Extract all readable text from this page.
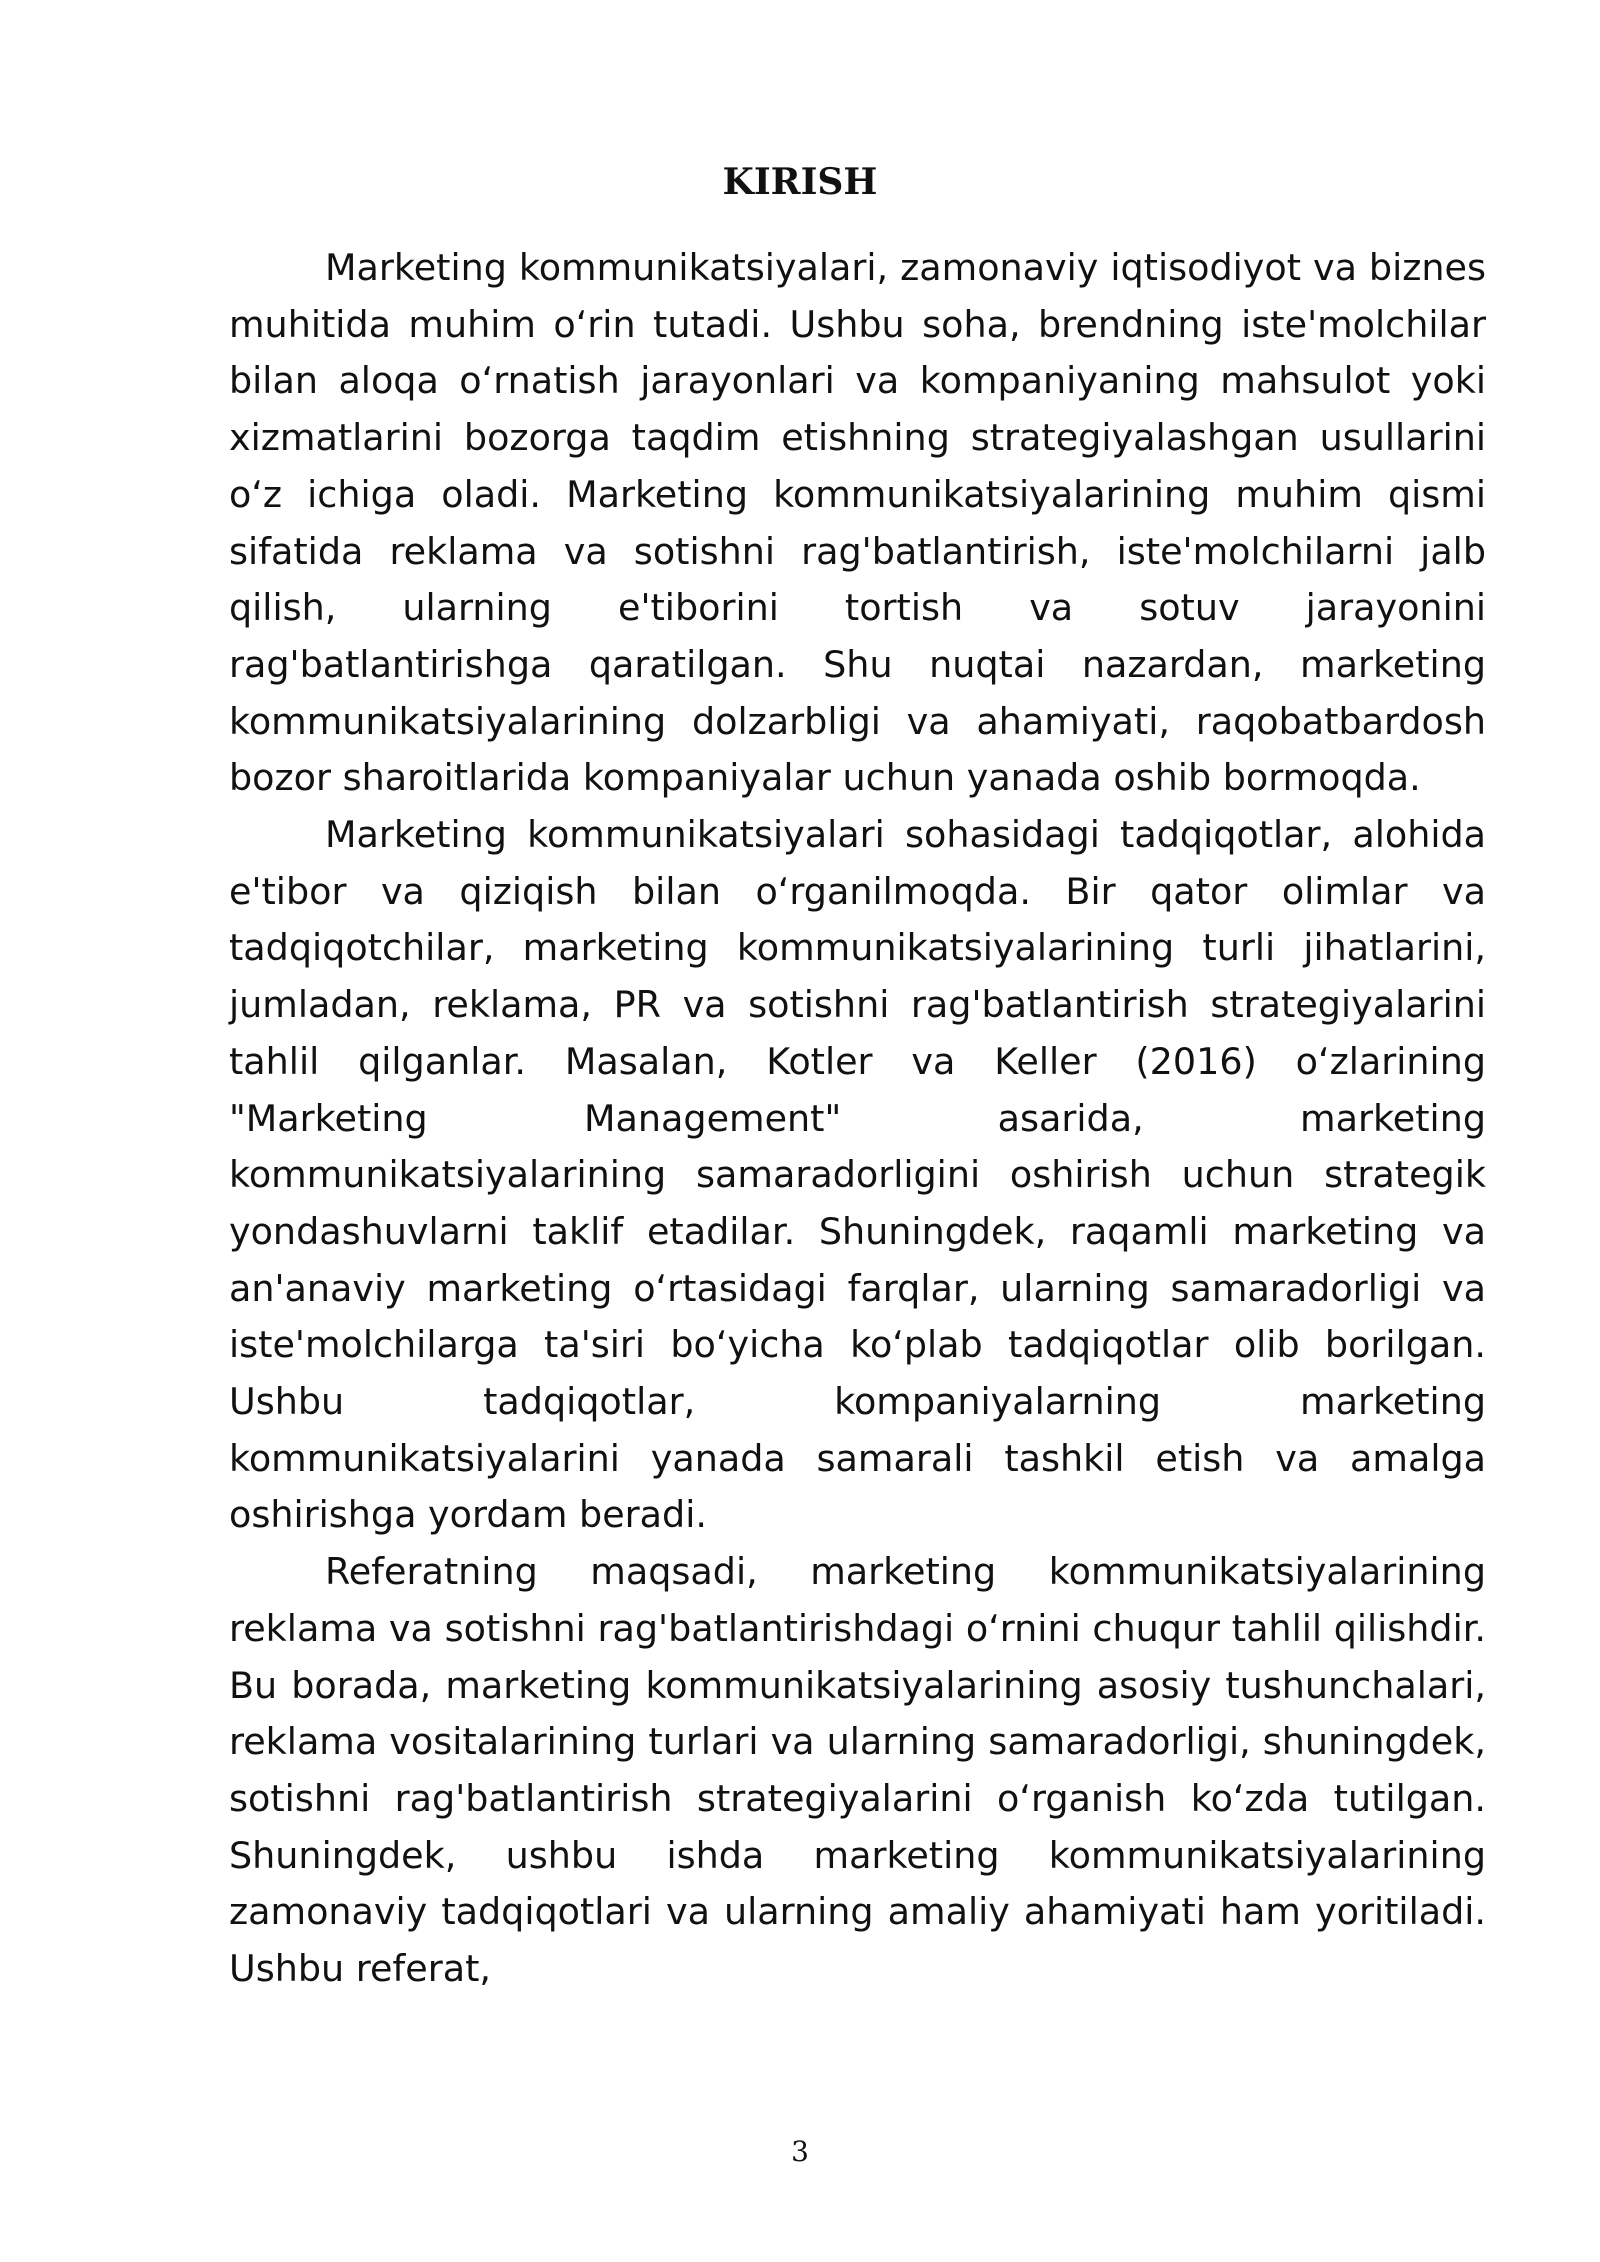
KIRISH

Marketing kommunikatsiyalari, zamonaviy iqtisodiyot va biznes muhitida muhim o‘rin tutadi. Ushbu soha, brendning iste'molchilar bilan aloqa o‘rnatish jarayonlari va kompaniyaning mahsulot yoki xizmatlarini bozorga taqdim etishning strategiyalashgan usullarini o‘z ichiga oladi. Marketing kommunikatsiyalarining muhim qismi sifatida reklama va sotishni rag'batlantirish, iste'molchilarni jalb qilish, ularning e'tiborini tortish va sotuv jarayonini rag'batlantirishga qaratilgan. Shu nuqtai nazardan, marketing kommunikatsiyalarining dolzarbligi va ahamiyati, raqobatbardosh bozor sharoitlarida kompaniyalar uchun yanada oshib bormoqda.

Marketing kommunikatsiyalari sohasidagi tadqiqotlar, alohida e'tibor va qiziqish bilan o‘rganilmoqda. Bir qator olimlar va tadqiqotchilar, marketing kommunikatsiyalarining turli jihatlarini, jumladan, reklama, PR va sotishni rag'batlantirish strategiyalarini tahlil qilganlar. Masalan, Kotler va Keller (2016) o‘zlarining "Marketing Management" asarida, marketing kommunikatsiyalarining samaradorligini oshirish uchun strategik yondashuvlarni taklif etadilar. Shuningdek, raqamli marketing va an'anaviy marketing o‘rtasidagi farqlar, ularning samaradorligi va iste'molchilarga ta'siri bo‘yicha ko‘plab tadqiqotlar olib borilgan. Ushbu tadqiqotlar, kompaniyalarning marketing kommunikatsiyalarini yanada samarali tashkil etish va amalga oshirishga yordam beradi.

Referatning maqsadi, marketing kommunikatsiyalarining reklama va sotishni rag'batlantirishdagi o‘rnini chuqur tahlil qilishdir. Bu borada, marketing kommunikatsiyalarining asosiy tushunchalari, reklama vositalarining turlari va ularning samaradorligi, shuningdek, sotishni rag'batlantirish strategiyalarini o‘rganish ko‘zda tutilgan. Shuningdek, ushbu ishda marketing kommunikatsiyalarining zamonaviy tadqiqotlari va ularning amaliy ahamiyati ham yoritiladi. Ushbu referat,

3
